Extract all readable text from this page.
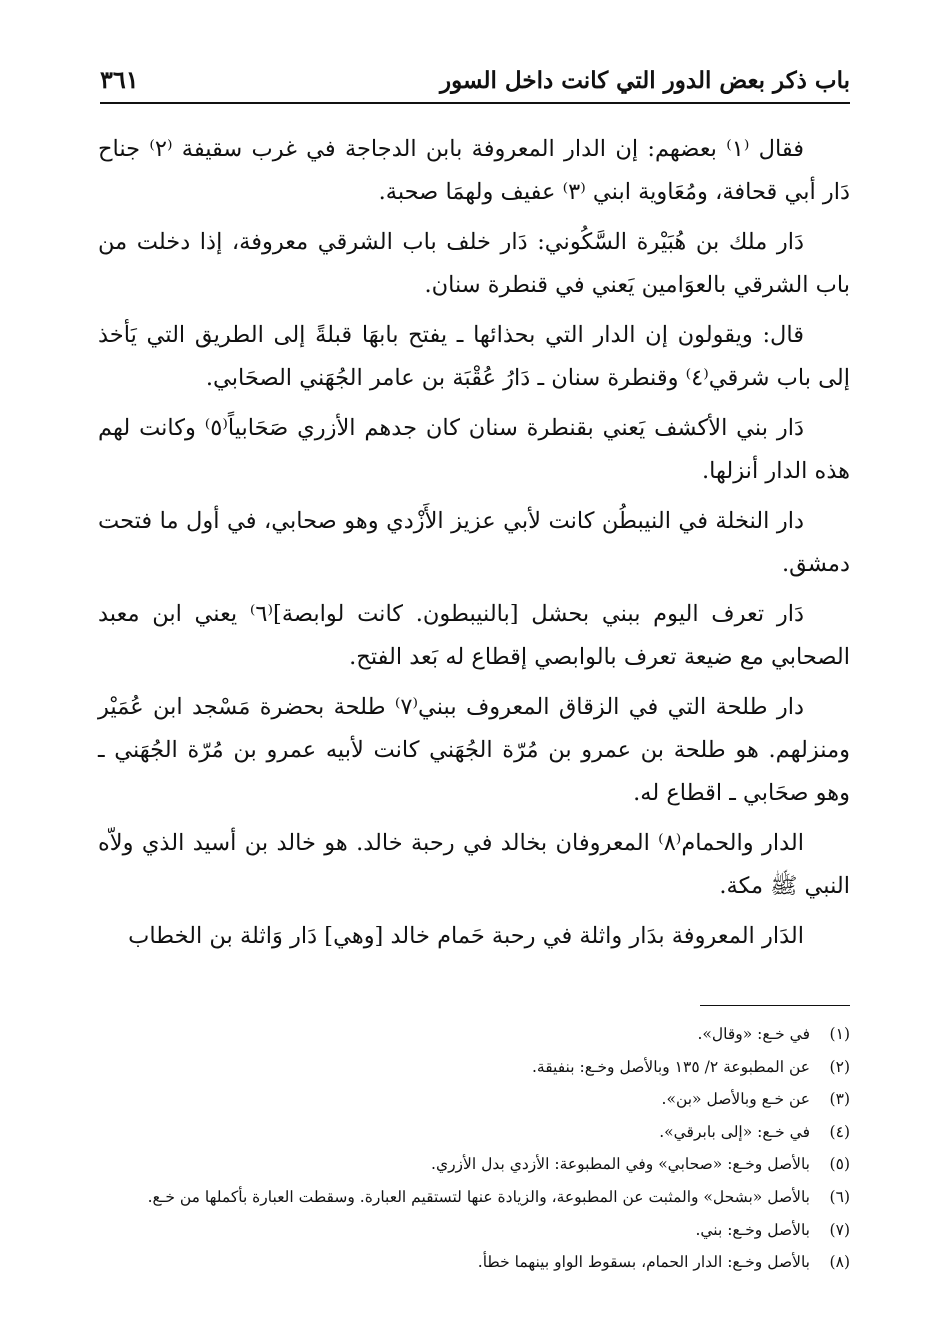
باب ذكر بعض الدور التي كانت داخل السور
٣٦١

فقال ⁽١⁾ بعضهم: إن الدار المعروفة بابن الدجاجة في غرب سقيفة ⁽٢⁾ جناح دَار أبي قحافة، ومُعَاوية ابني ⁽٣⁾ عفيف ولهمَا صحبة.

دَار ملك بن هُبَيْرة السَّكُوني: دَار خلف باب الشرقي معروفة، إذا دخلت من باب الشرقي بالعوَامين يَعني في قنطرة سنان.

قال: ويقولون إن الدار التي بحذائها ـ يفتح بابهَا قبلةً إلى الطريق التي يَأخذ إلى باب شرقي⁽٤⁾ وقنطرة سنان ـ دَارُ عُقْبَة بن عامر الجُهَني الصحَابي.

دَار بني الأكشف يَعني بقنطرة سنان كان جدهم الأزري صَحَابياً⁽٥⁾ وكانت لهم هذه الدار أنزلها.

دار النخلة في النيبطُن كانت لأبي عزيز الأَزْدي وهو صحابي، في أول ما فتحت دمشق.

دَار تعرف اليوم ببني بحشل [بالنيبطون. كانت لوابصة]⁽٦⁾ يعني ابن معبد الصحابي مع ضيعة تعرف بالوابصي إقطاع له بَعد الفتح.

دار طلحة التي في الزقاق المعروف ببني⁽٧⁾ طلحة بحضرة مَسْجد ابن عُمَيْر ومنزلهم. هو طلحة بن عمرو بن مُرّة الجُهَني كانت لأبيه عمرو بن مُرّة الجُهَني ـ وهو صحَابي ـ اقطاع له.

الدار والحمام⁽٨⁾ المعروفان بخالد في رحبة خالد. هو خالد بن أسيد الذي ولاّه النبي ﷺ مكة.

الدَار المعروفة بدَار واثلة في رحبة حَمام خالد [وهي] دَار وَاثلة بن الخطاب

(١)
في خـع: «وقال».
(٢)
عن المطبوعة ٢/ ١٣٥ وبالأصل وخـع: بنفيقة.
(٣)
عن خـع وبالأصل «بن».
(٤)
في خـع: «إلى بابرقي».
(٥)
بالأصل وخـع: «صحابي» وفي المطبوعة: الأزدي بدل الأزري.
(٦)
بالأصل «بشحل» والمثبت عن المطبوعة، والزيادة عنها لتستقيم العبارة. وسقطت العبارة بأكملها من خـع.
(٧)
بالأصل وخـع: بني.
(٨)
بالأصل وخـع: الدار الحمام، بسقوط الواو بينهما خطأ.
